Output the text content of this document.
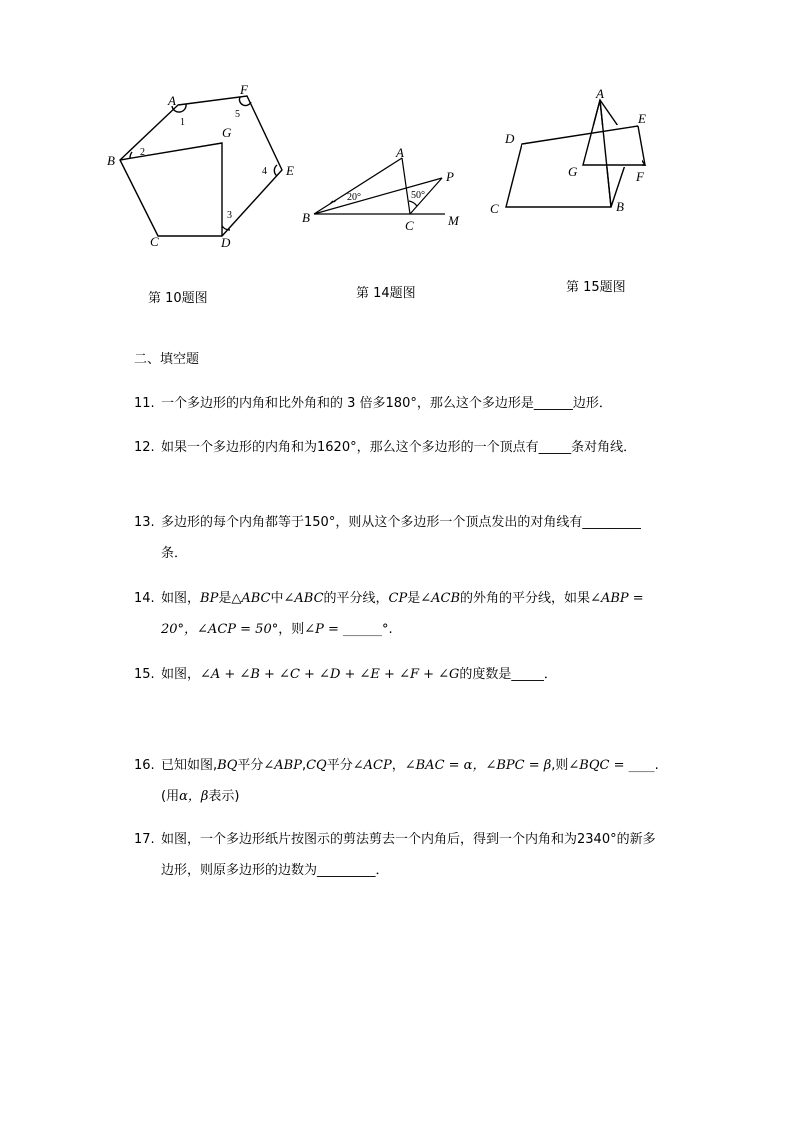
A
F
G
B
E
C	D
1
2
3
4
5
第 10题图
A
P
B
C	M
20°	50°
第 14题图
A
D
E
G	F
C	B
第 15题图
二、填空题
11. 一个多边形的内角和比外角和的 3 倍多180°，那么这个多边形是______边形．
12. 如果一个多边形的内角和为1620°，那么这个多边形的一个顶点有_____条对角线．
13. 多边形的每个内角都等于150°，则从这个多边形一个顶点发出的对角线有_________条．
14. 如图，BP是△ABC中∠ABC的平分线，CP是∠ACB的外角的平分线，如果∠ABP = 20°，∠ACP = 50°，则∠P = ______°.
15. 如图，∠A + ∠B + ∠C + ∠D + ∠E + ∠F + ∠G的度数是_____．
16. 已知如图,BQ平分∠ABP,CQ平分∠ACP，∠BAC = α，∠BPC = β,则∠BQC = ____.(用α，β表示)
17. 如图，一个多边形纸片按图示的剪法剪去一个内角后，得到一个内角和为2340°的新多边形，则原多边形的边数为_________．
